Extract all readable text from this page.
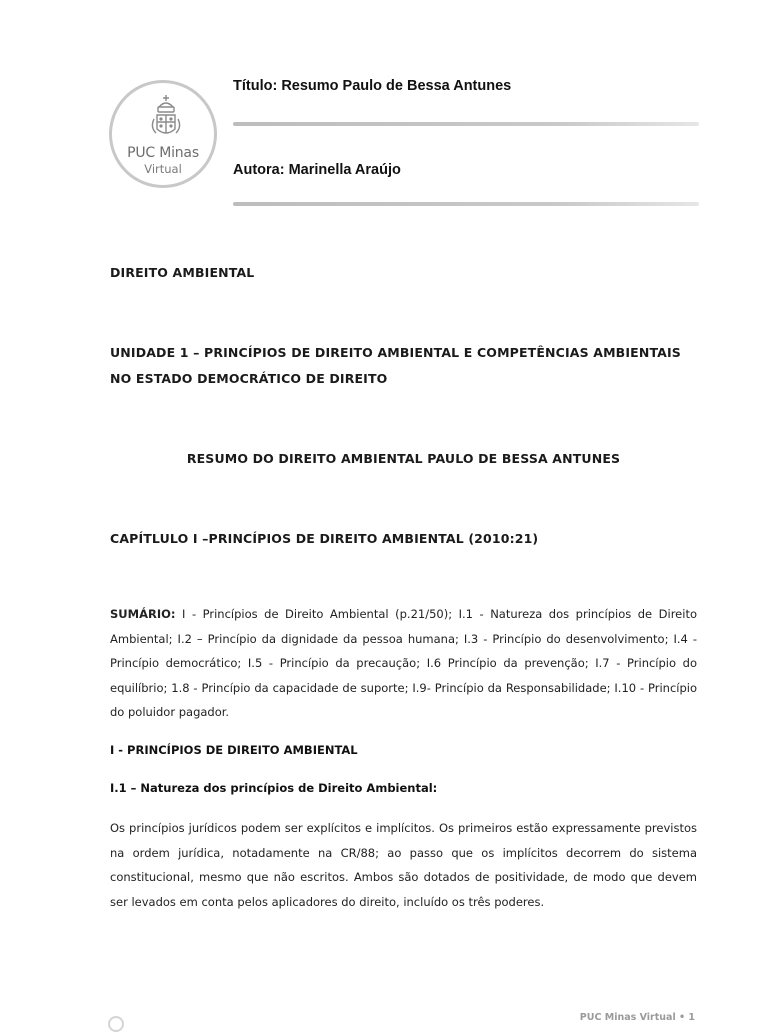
PUC Minas
Virtual
Título: Resumo Paulo de Bessa Antunes
Autora: Marinella Araújo

DIREITO AMBIENTAL

UNIDADE 1 – PRINCÍPIOS DE DIREITO AMBIENTAL E COMPETÊNCIAS AMBIENTAIS

NO ESTADO DEMOCRÁTICO DE DIREITO

RESUMO DO DIREITO AMBIENTAL PAULO DE BESSA ANTUNES

CAPÍTLULO I –PRINCÍPIOS DE DIREITO AMBIENTAL (2010:21)

SUMÁRIO: I - Princípios de Direito Ambiental (p.21/50); I.1 - Natureza dos princípios de Direito Ambiental; I.2 – Princípio da dignidade da pessoa humana; I.3 - Princípio do desenvolvimento; I.4 - Princípio democrático; I.5 - Princípio da precaução; I.6 Princípio da prevenção; I.7 - Princípio do equilíbrio; 1.8 - Princípio da capacidade de suporte; I.9- Princípio da Responsabilidade; I.10 - Princípio do poluidor pagador.

I - PRINCÍPIOS DE DIREITO AMBIENTAL

I.1 – Natureza dos princípios de Direito Ambiental:

Os princípios jurídicos podem ser explícitos e implícitos. Os primeiros estão expressamente previstos na ordem jurídica, notadamente na CR/88; ao passo que os implícitos decorrem do sistema constitucional, mesmo que não escritos. Ambos são dotados de positividade, de modo que devem ser levados em conta pelos aplicadores do direito, incluído os três poderes.

PUC Minas Virtual • 1
